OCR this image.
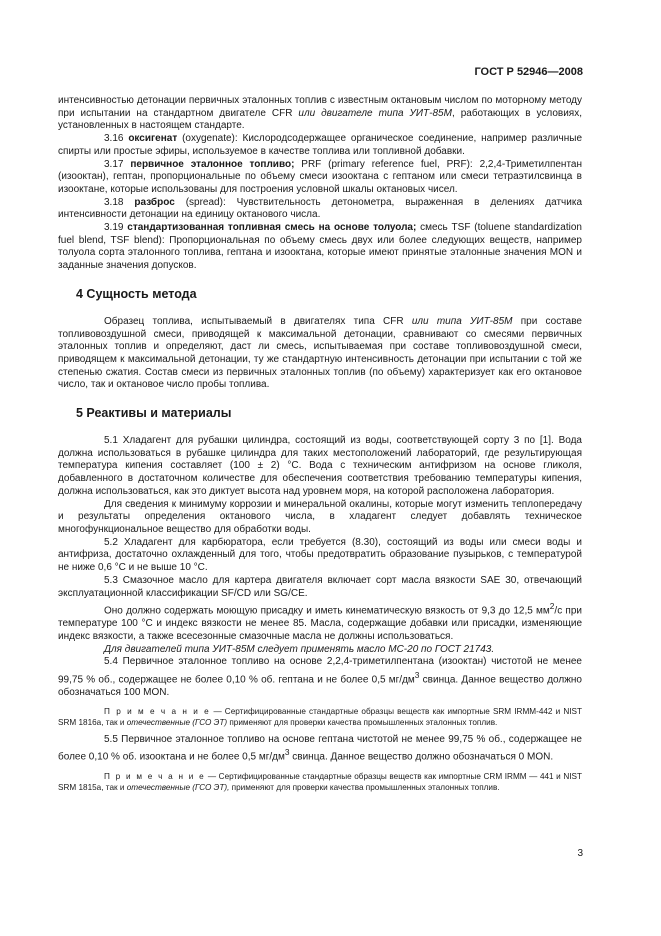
ГОСТ Р 52946—2008

интенсивностью детонации первичных эталонных топлив с известным октановым числом по моторному методу при испытании на стандартном двигателе CFR или двигателе типа УИТ-85М, работающих в условиях, установленных в настоящем стандарте.

3.16 оксигенат (oxygenate): Кислородсодержащее органическое соединение, например различные спирты или простые эфиры, используемое в качестве топлива или топливной добавки.

3.17 первичное эталонное топливо; PRF (primary reference fuel, PRF): 2,2,4-Триметилпентан (изооктан), гептан, пропорциональные по объему смеси изооктана с гептаном или смеси тетраэтилсвинца в изооктане, которые использованы для построения условной шкалы октановых чисел.

3.18 разброс (spread): Чувствительность детонометра, выраженная в делениях датчика интенсивности детонации на единицу октанового числа.

3.19 стандартизованная топливная смесь на основе толуола; смесь TSF (toluene standardization fuel blend, TSF blend): Пропорциональная по объему смесь двух или более следующих веществ, например толуола сорта эталонного топлива, гептана и изооктана, которые имеют принятые эталонные значения MON и заданные значения допусков.

4 Сущность метода

Образец топлива, испытываемый в двигателях типа CFR или типа УИТ-85М при составе топливовоздушной смеси, приводящей к максимальной детонации, сравнивают со смесями первичных эталонных топлив и определяют, даст ли смесь, испытываемая при составе топливовоздушной смеси, приводящем к максимальной детонации, ту же стандартную интенсивность детонации при испытании с той же степенью сжатия. Состав смеси из первичных эталонных топлив (по объему) характеризует как его октановое число, так и октановое число пробы топлива.

5 Реактивы и материалы

5.1 Хладагент для рубашки цилиндра, состоящий из воды, соответствующей сорту 3 по [1]. Вода должна использоваться в рубашке цилиндра для таких местоположений лабораторий, где результирующая температура кипения составляет (100 ± 2) °С. Вода с техническим антифризом на основе гликоля, добавленного в достаточном количестве для обеспечения соответствия требованию температуры кипения, должна использоваться, как это диктует высота над уровнем моря, на которой расположена лаборатория.

Для сведения к минимуму коррозии и минеральной окалины, которые могут изменить теплопередачу и результаты определения октанового числа, в хладагент следует добавлять техническое многофункциональное вещество для обработки воды.

5.2 Хладагент для карбюратора, если требуется (8.30), состоящий из воды или смеси воды и антифриза, достаточно охлажденный для того, чтобы предотвратить образование пузырьков, с температурой не ниже 0,6 °С и не выше 10 °С.

5.3 Смазочное масло для картера двигателя включает сорт масла вязкости SAE 30, отвечающий эксплуатационной классификации SF/CD или SG/CE.

Оно должно содержать моющую присадку и иметь кинематическую вязкость от 9,3 до 12,5 $мм^2/с$ при температуре 100 °С и индекс вязкости не менее 85. Масла, содержащие добавки или присадки, изменяющие индекс вязкости, а также всесезонные смазочные масла не должны использоваться.

Для двигателей типа УИТ-85М следует применять масло МС-20 по ГОСТ 21743.

5.4 Первичное эталонное топливо на основе 2,2,4-триметилпентана (изооктан) чистотой не менее 99,75 % об., содержащее не более 0,10 % об. гептана и не более 0,5 $мг/дм^3$ свинца. Данное вещество должно обозначаться 100 MON.

П р и м е ч а н и е — Сертифицированные стандартные образцы веществ как импортные SRM IRMM-442 и NIST SRM 1816a, так и отечественные (ГСО ЭТ) применяют для проверки качества промышленных эталонных топлив.

5.5 Первичное эталонное топливо на основе гептана чистотой не менее 99,75 % об., содержащее не более 0,10 % об. изооктана и не более 0,5 $мг/дм^3$ свинца. Данное вещество должно обозначаться 0 MON.

П р и м е ч а н и е — Сертифицированные стандартные образцы веществ как импортные CRM IRMM — 441 и NIST SRM 1815a, так и отечественные (ГСО ЭТ), применяют для проверки качества промышленных эталонных топлив.

3
